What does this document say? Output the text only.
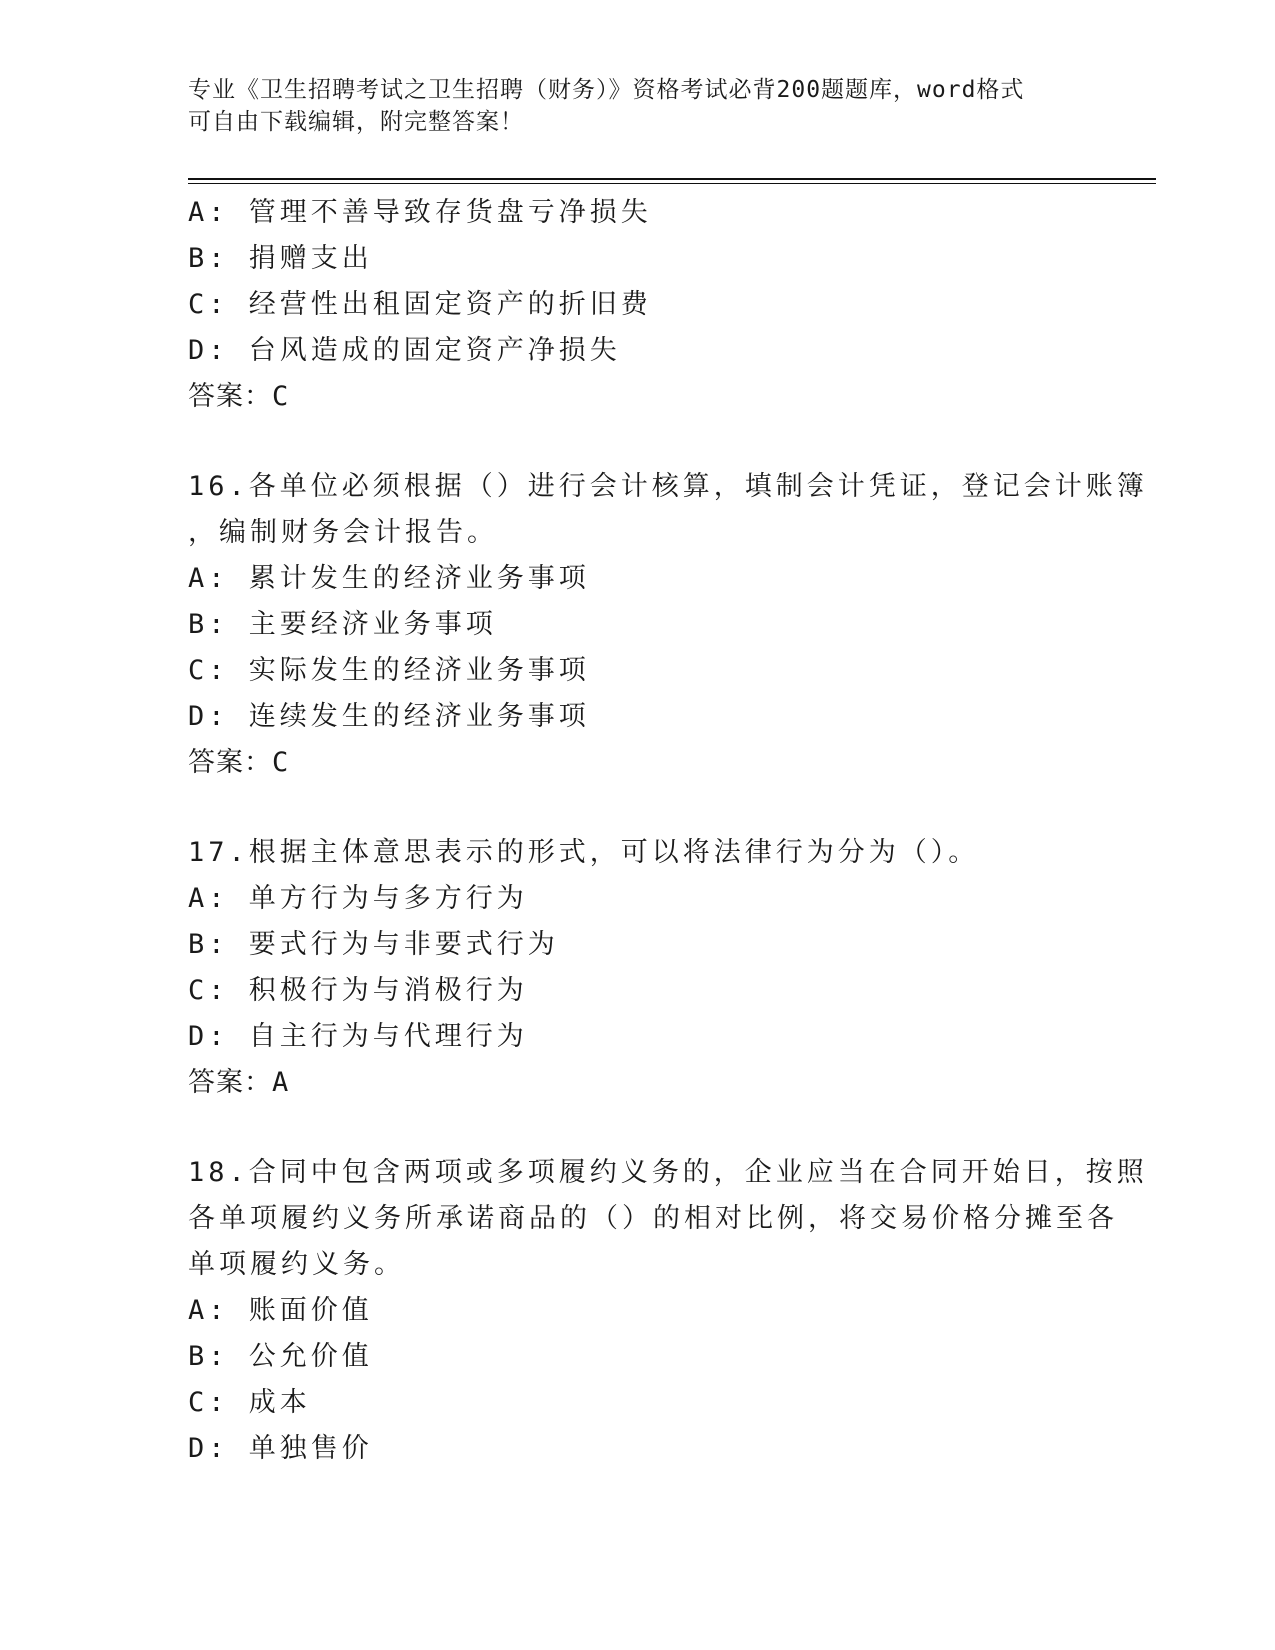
专业《卫生招聘考试之卫生招聘（财务）》资格考试必背200题题库，word格式
可自由下载编辑，附完整答案！
A: 管理不善导致存货盘亏净损失
B: 捐赠支出
C: 经营性出租固定资产的折旧费
D: 台风造成的固定资产净损失
答案：C
16.各单位必须根据（）进行会计核算，填制会计凭证，登记会计账簿
，编制财务会计报告。
A: 累计发生的经济业务事项
B: 主要经济业务事项
C: 实际发生的经济业务事项
D: 连续发生的经济业务事项
答案：C
17.根据主体意思表示的形式，可以将法律行为分为（）。
A: 单方行为与多方行为
B: 要式行为与非要式行为
C: 积极行为与消极行为
D: 自主行为与代理行为
答案：A
18.合同中包含两项或多项履约义务的，企业应当在合同开始日，按照
各单项履约义务所承诺商品的（）的相对比例，将交易价格分摊至各
单项履约义务。
A: 账面价值
B: 公允价值
C: 成本
D: 单独售价
